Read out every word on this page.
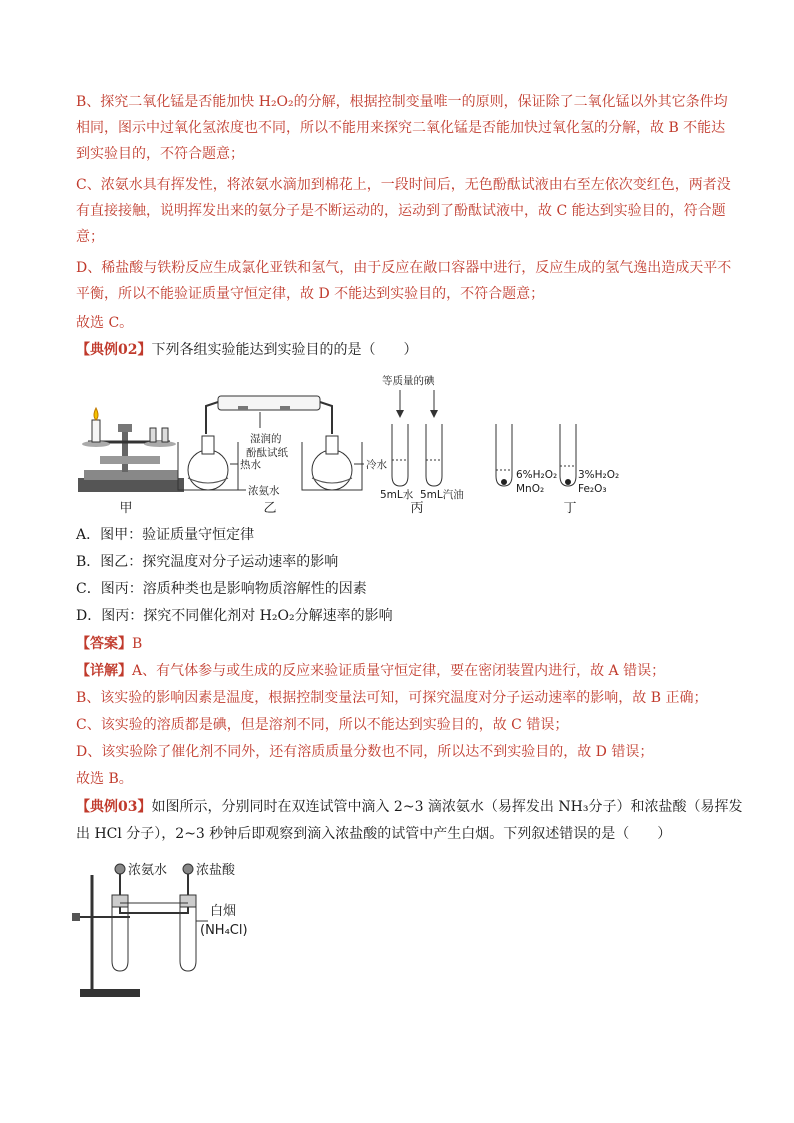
B、探究二氧化锰是否能加快 H₂O₂的分解，根据控制变量唯一的原则，保证除了二氧化锰以外其它条件均
相同，图示中过氧化氢浓度也不同，所以不能用来探究二氧化锰是否能加快过氧化氢的分解，故 B 不能达
到实验目的，不符合题意；
C、浓氨水具有挥发性，将浓氨水滴加到棉花上，一段时间后，无色酚酞试液由右至左依次变红色，两者没
有直接接触，说明挥发出来的氨分子是不断运动的，运动到了酚酞试液中，故 C 能达到实验目的，符合题
意；
D、稀盐酸与铁粉反应生成氯化亚铁和氢气，由于反应在敞口容器中进行，反应生成的氢气逸出造成天平不
平衡，所以不能验证质量守恒定律，故 D 不能达到实验目的，不符合题意；
故选 C。
【典例02】下列各组实验能达到实验目的的是（　　）
甲
湿润的
酚酞试纸
热水	冷水
浓氨水
乙
等质量的碘
5mL水 5mL汽油
丙
6%H₂O₂
MnO₂
3%H₂O₂
Fe₂O₃
丁
A．图甲：验证质量守恒定律
B．图乙：探究温度对分子运动速率的影响
C．图丙：溶质种类也是影响物质溶解性的因素
D．图丙：探究不同催化剂对 H₂O₂分解速率的影响
【答案】B
【详解】A、有气体参与或生成的反应来验证质量守恒定律，要在密闭装置内进行，故 A 错误；
B、该实验的影响因素是温度，根据控制变量法可知，可探究温度对分子运动速率的影响，故 B 正确；
C、该实验的溶质都是碘，但是溶剂不同，所以不能达到实验目的，故 C 错误；
D、该实验除了催化剂不同外，还有溶质质量分数也不同，所以达不到实验目的，故 D 错误；
故选 B。
【典例03】如图所示，分别同时在双连试管中滴入 2~3 滴浓氨水（易挥发出 NH₃分子）和浓盐酸（易挥发
出 HCl 分子），2~3 秒钟后即观察到滴入浓盐酸的试管中产生白烟。下列叙述错误的是（　　）
浓氨水 浓盐酸
白烟
(NH₄Cl)
